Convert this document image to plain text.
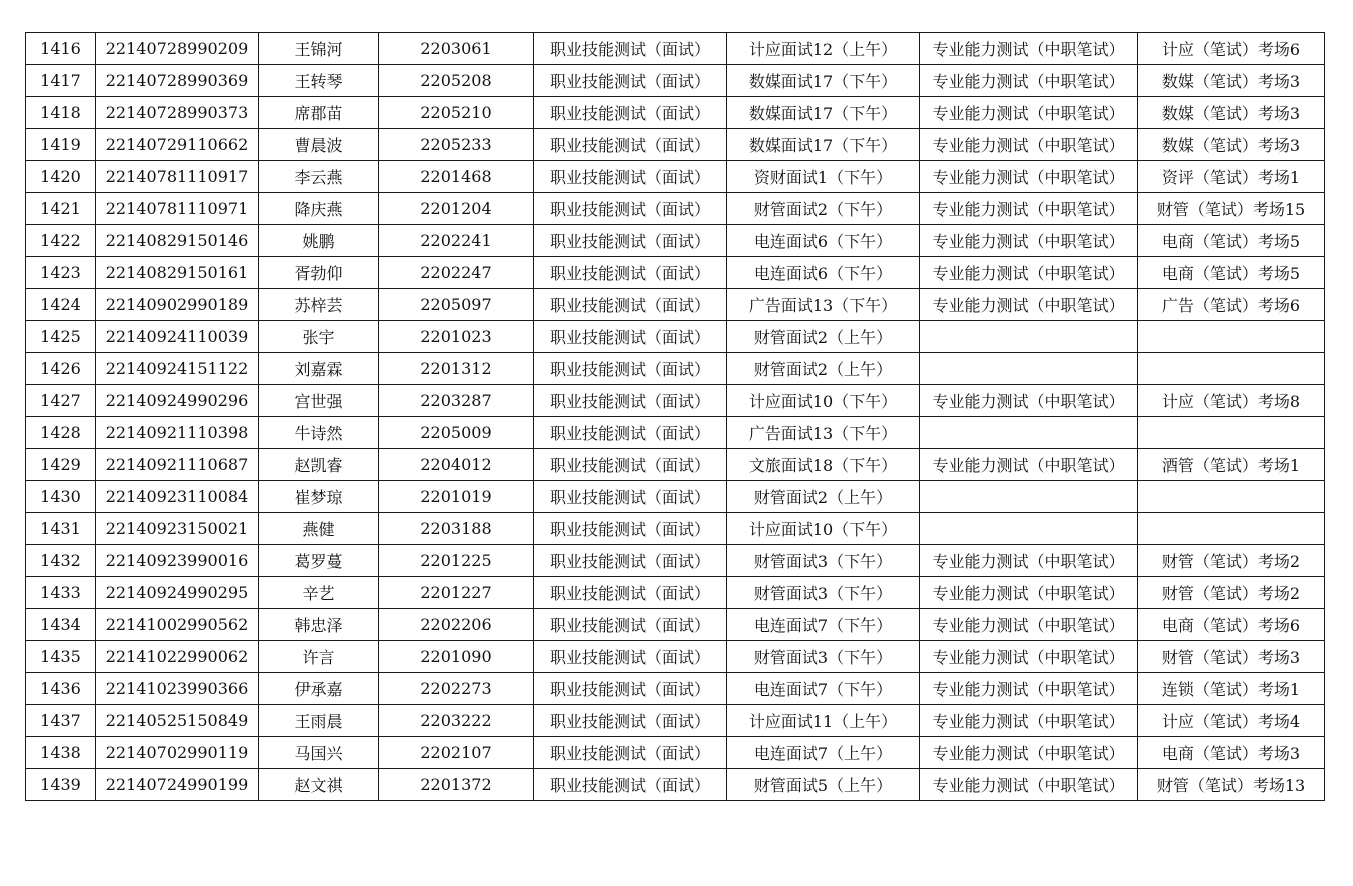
1416	22140728990209	王锦河	2203061	职业技能测试（面试）	计应面试12（上午）	专业能力测试（中职笔试）	计应（笔试）考场6
1417	22140728990369	王转琴	2205208	职业技能测试（面试）	数媒面试17（下午）	专业能力测试（中职笔试）	数媒（笔试）考场3
1418	22140728990373	席郡苗	2205210	职业技能测试（面试）	数媒面试17（下午）	专业能力测试（中职笔试）	数媒（笔试）考场3
1419	22140729110662	曹晨波	2205233	职业技能测试（面试）	数媒面试17（下午）	专业能力测试（中职笔试）	数媒（笔试）考场3
1420	22140781110917	李云燕	2201468	职业技能测试（面试）	资财面试1（下午）	专业能力测试（中职笔试）	资评（笔试）考场1
1421	22140781110971	降庆燕	2201204	职业技能测试（面试）	财管面试2（下午）	专业能力测试（中职笔试）	财管（笔试）考场15
1422	22140829150146	姚鹏	2202241	职业技能测试（面试）	电连面试6（下午）	专业能力测试（中职笔试）	电商（笔试）考场5
1423	22140829150161	胥勃仰	2202247	职业技能测试（面试）	电连面试6（下午）	专业能力测试（中职笔试）	电商（笔试）考场5
1424	22140902990189	苏梓芸	2205097	职业技能测试（面试）	广告面试13（下午）	专业能力测试（中职笔试）	广告（笔试）考场6
1425	22140924110039	张宇	2201023	职业技能测试（面试）	财管面试2（上午）		
1426	22140924151122	刘嘉霖	2201312	职业技能测试（面试）	财管面试2（上午）		
1427	22140924990296	宫世强	2203287	职业技能测试（面试）	计应面试10（下午）	专业能力测试（中职笔试）	计应（笔试）考场8
1428	22140921110398	牛诗然	2205009	职业技能测试（面试）	广告面试13（下午）		
1429	22140921110687	赵凯睿	2204012	职业技能测试（面试）	文旅面试18（下午）	专业能力测试（中职笔试）	酒管（笔试）考场1
1430	22140923110084	崔梦琼	2201019	职业技能测试（面试）	财管面试2（上午）		
1431	22140923150021	燕健	2203188	职业技能测试（面试）	计应面试10（下午）		
1432	22140923990016	葛罗蔓	2201225	职业技能测试（面试）	财管面试3（下午）	专业能力测试（中职笔试）	财管（笔试）考场2
1433	22140924990295	辛艺	2201227	职业技能测试（面试）	财管面试3（下午）	专业能力测试（中职笔试）	财管（笔试）考场2
1434	22141002990562	韩忠泽	2202206	职业技能测试（面试）	电连面试7（下午）	专业能力测试（中职笔试）	电商（笔试）考场6
1435	22141022990062	许言	2201090	职业技能测试（面试）	财管面试3（下午）	专业能力测试（中职笔试）	财管（笔试）考场3
1436	22141023990366	伊承嘉	2202273	职业技能测试（面试）	电连面试7（下午）	专业能力测试（中职笔试）	连锁（笔试）考场1
1437	22140525150849	王雨晨	2203222	职业技能测试（面试）	计应面试11（上午）	专业能力测试（中职笔试）	计应（笔试）考场4
1438	22140702990119	马国兴	2202107	职业技能测试（面试）	电连面试7（上午）	专业能力测试（中职笔试）	电商（笔试）考场3
1439	22140724990199	赵文祺	2201372	职业技能测试（面试）	财管面试5（上午）	专业能力测试（中职笔试）	财管（笔试）考场13
